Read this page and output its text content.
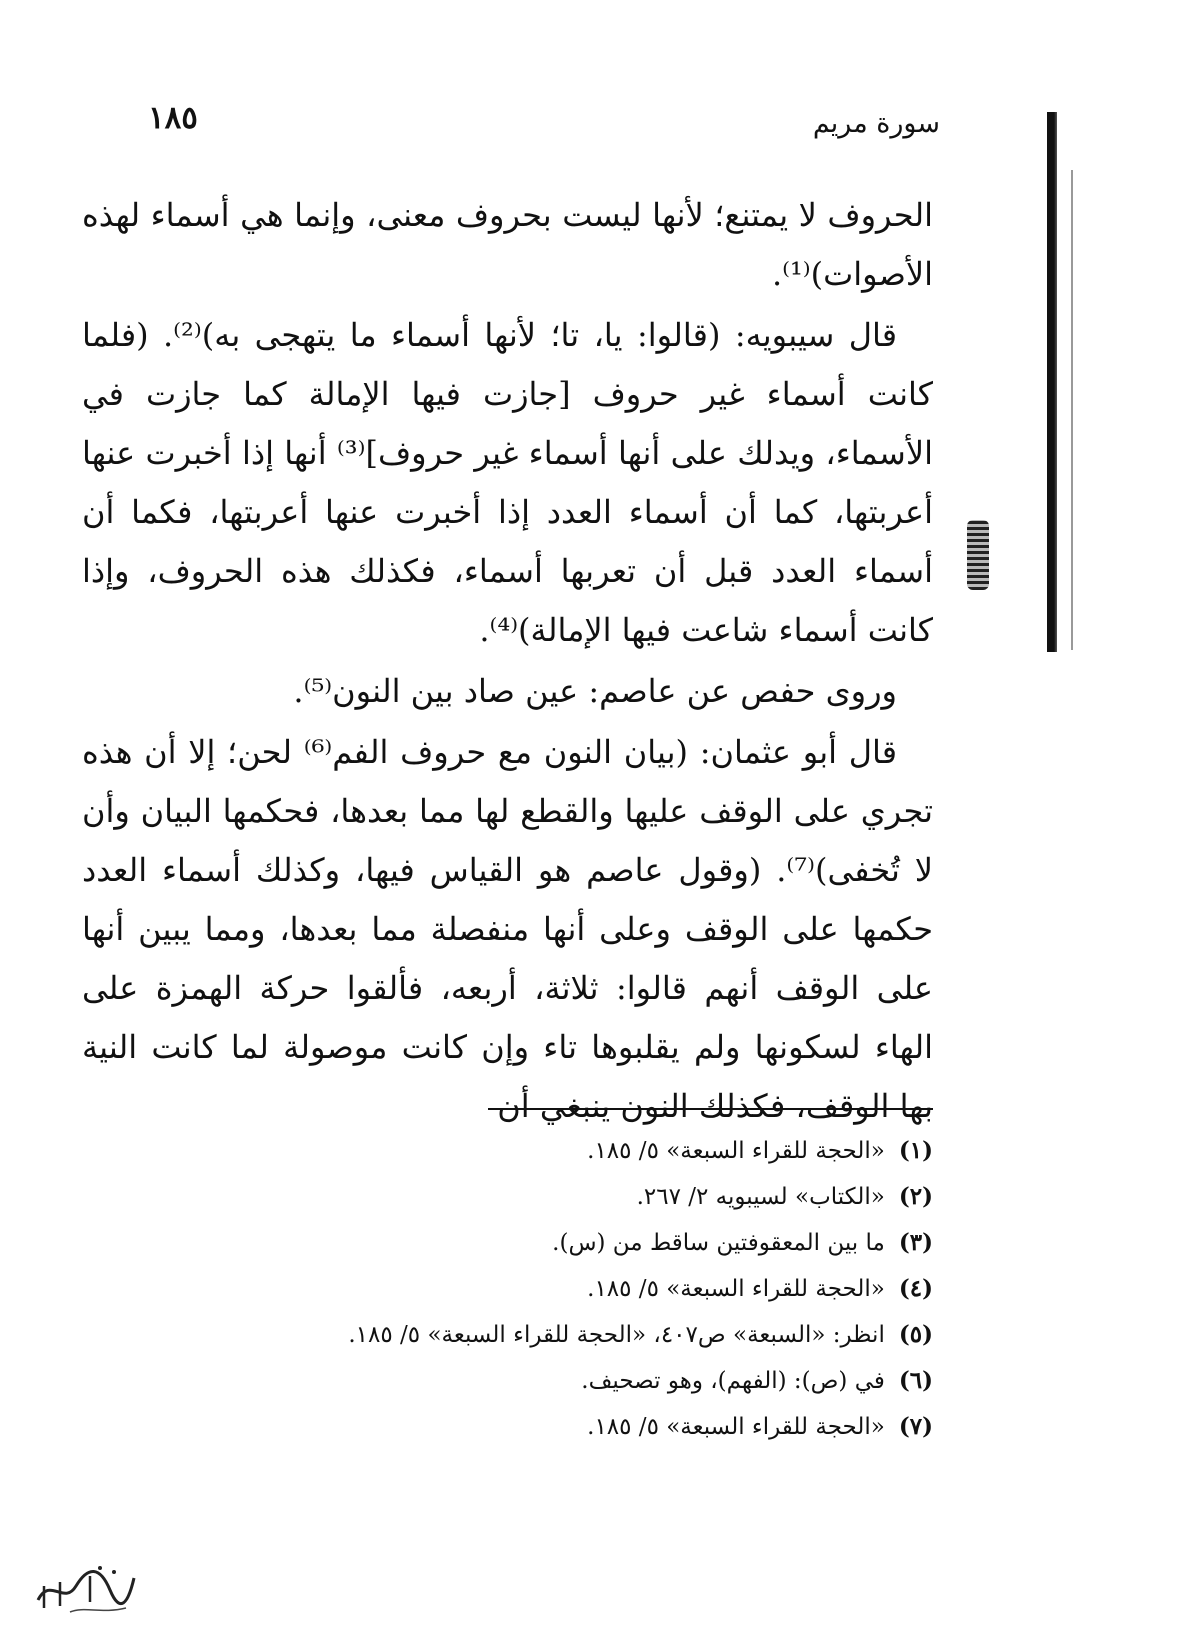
سورة مريم
١٨٥

الحروف لا يمتنع؛ لأنها ليست بحروف معنى، وإنما هي أسماء لهذه الأصوات)⁽¹⁾.

قال سيبويه: (قالوا: يا، تا؛ لأنها أسماء ما يتهجى به)⁽²⁾. (فلما كانت أسماء غير حروف [جازت فيها الإمالة كما جازت في الأسماء، ويدلك على أنها أسماء غير حروف]⁽³⁾ أنها إذا أخبرت عنها أعربتها، كما أن أسماء العدد إذا أخبرت عنها أعربتها، فكما أن أسماء العدد قبل أن تعربها أسماء، فكذلك هذه الحروف، وإذا كانت أسماء شاعت فيها الإمالة)⁽⁴⁾.

وروى حفص عن عاصم: عين صاد بين النون⁽⁵⁾.

قال أبو عثمان: (بيان النون مع حروف الفم⁽⁶⁾ لحن؛ إلا أن هذه تجري على الوقف عليها والقطع لها مما بعدها، فحكمها البيان وأن لا تُخفى)⁽⁷⁾. (وقول عاصم هو القياس فيها، وكذلك أسماء العدد حكمها على الوقف وعلى أنها منفصلة مما بعدها، ومما يبين أنها على الوقف أنهم قالوا: ثلاثة، أربعه، فألقوا حركة الهمزة على الهاء لسكونها ولم يقلبوها تاء وإن كانت موصولة لما كانت النية بها الوقف، فكذلك النون ينبغي أن

(١)«الحجة للقراء السبعة» ٥/ ١٨٥.
(٢)«الكتاب» لسيبويه ٢/ ٢٦٧.
(٣)ما بين المعقوفتين ساقط من (س).
(٤)«الحجة للقراء السبعة» ٥/ ١٨٥.
(٥)انظر: «السبعة» ص٤٠٧، «الحجة للقراء السبعة» ٥/ ١٨٥.
(٦)في (ص): (الفهم)، وهو تصحيف.
(٧)«الحجة للقراء السبعة» ٥/ ١٨٥.
